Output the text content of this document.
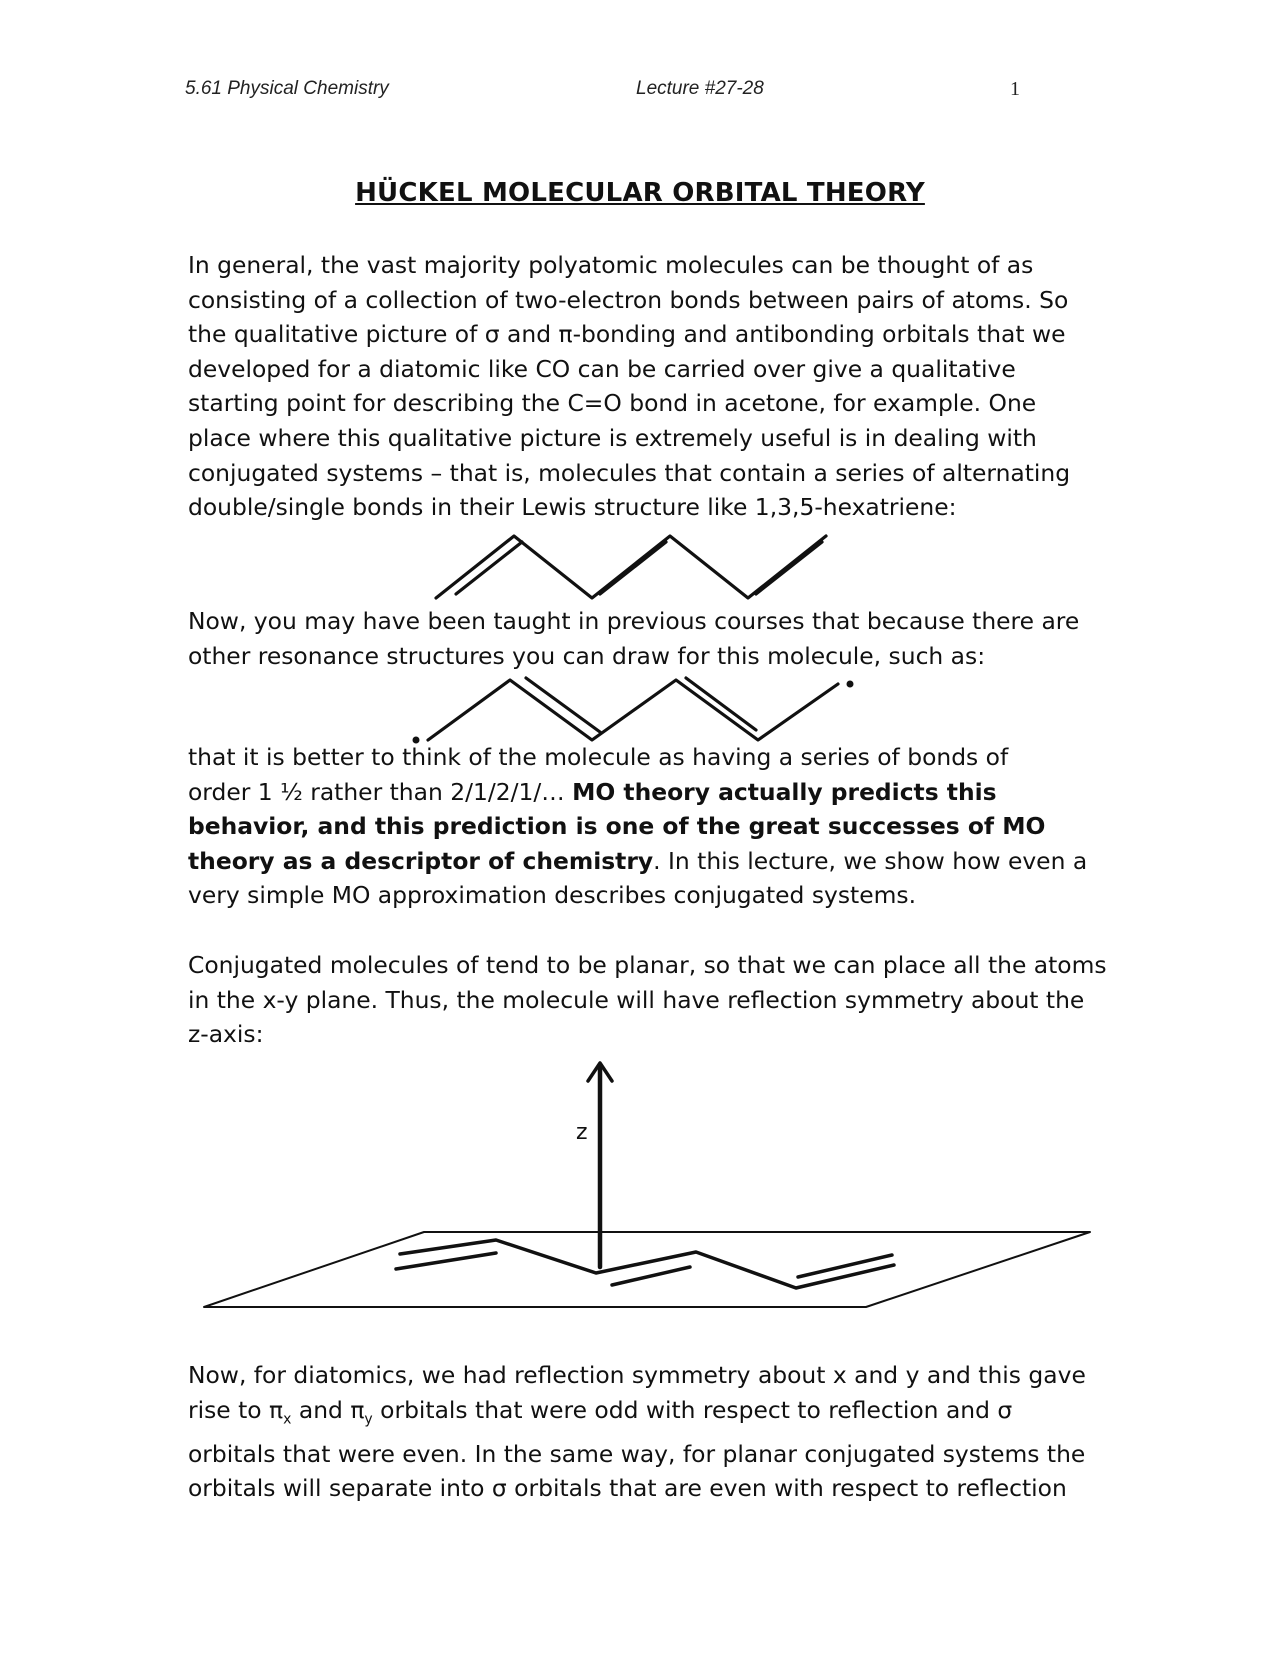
5.61 Physical Chemistry	Lecture #27-28	1
HÜCKEL MOLECULAR ORBITAL THEORY

In general, the vast majority polyatomic molecules can be thought of as
consisting of a collection of two-electron bonds between pairs of atoms. So
the qualitative picture of σ and π-bonding and antibonding orbitals that we
developed for a diatomic like CO can be carried over give a qualitative
starting point for describing the C=O bond in acetone, for example. One
place where this qualitative picture is extremely useful is in dealing with
conjugated systems – that is, molecules that contain a series of alternating
double/single bonds in their Lewis structure like 1,3,5-hexatriene:

Now, you may have been taught in previous courses that because there are
other resonance structures you can draw for this molecule, such as:

that it is better to think of the molecule as having a series of bonds of
order 1 ½ rather than 2/1/2/1/… MO theory actually predicts this
behavior, and this prediction is one of the great successes of MO
theory as a descriptor of chemistry. In this lecture, we show how even a
very simple MO approximation describes conjugated systems.

Conjugated molecules of tend to be planar, so that we can place all the atoms
in the x-y plane. Thus, the molecule will have reflection symmetry about the
z-axis:

z

Now, for diatomics, we had reflection symmetry about x and y and this gave
rise to $\pi_x$ and $\pi_y$ orbitals that were odd with respect to reflection and σ
orbitals that were even. In the same way, for planar conjugated systems the
orbitals will separate into σ orbitals that are even with respect to reflection
